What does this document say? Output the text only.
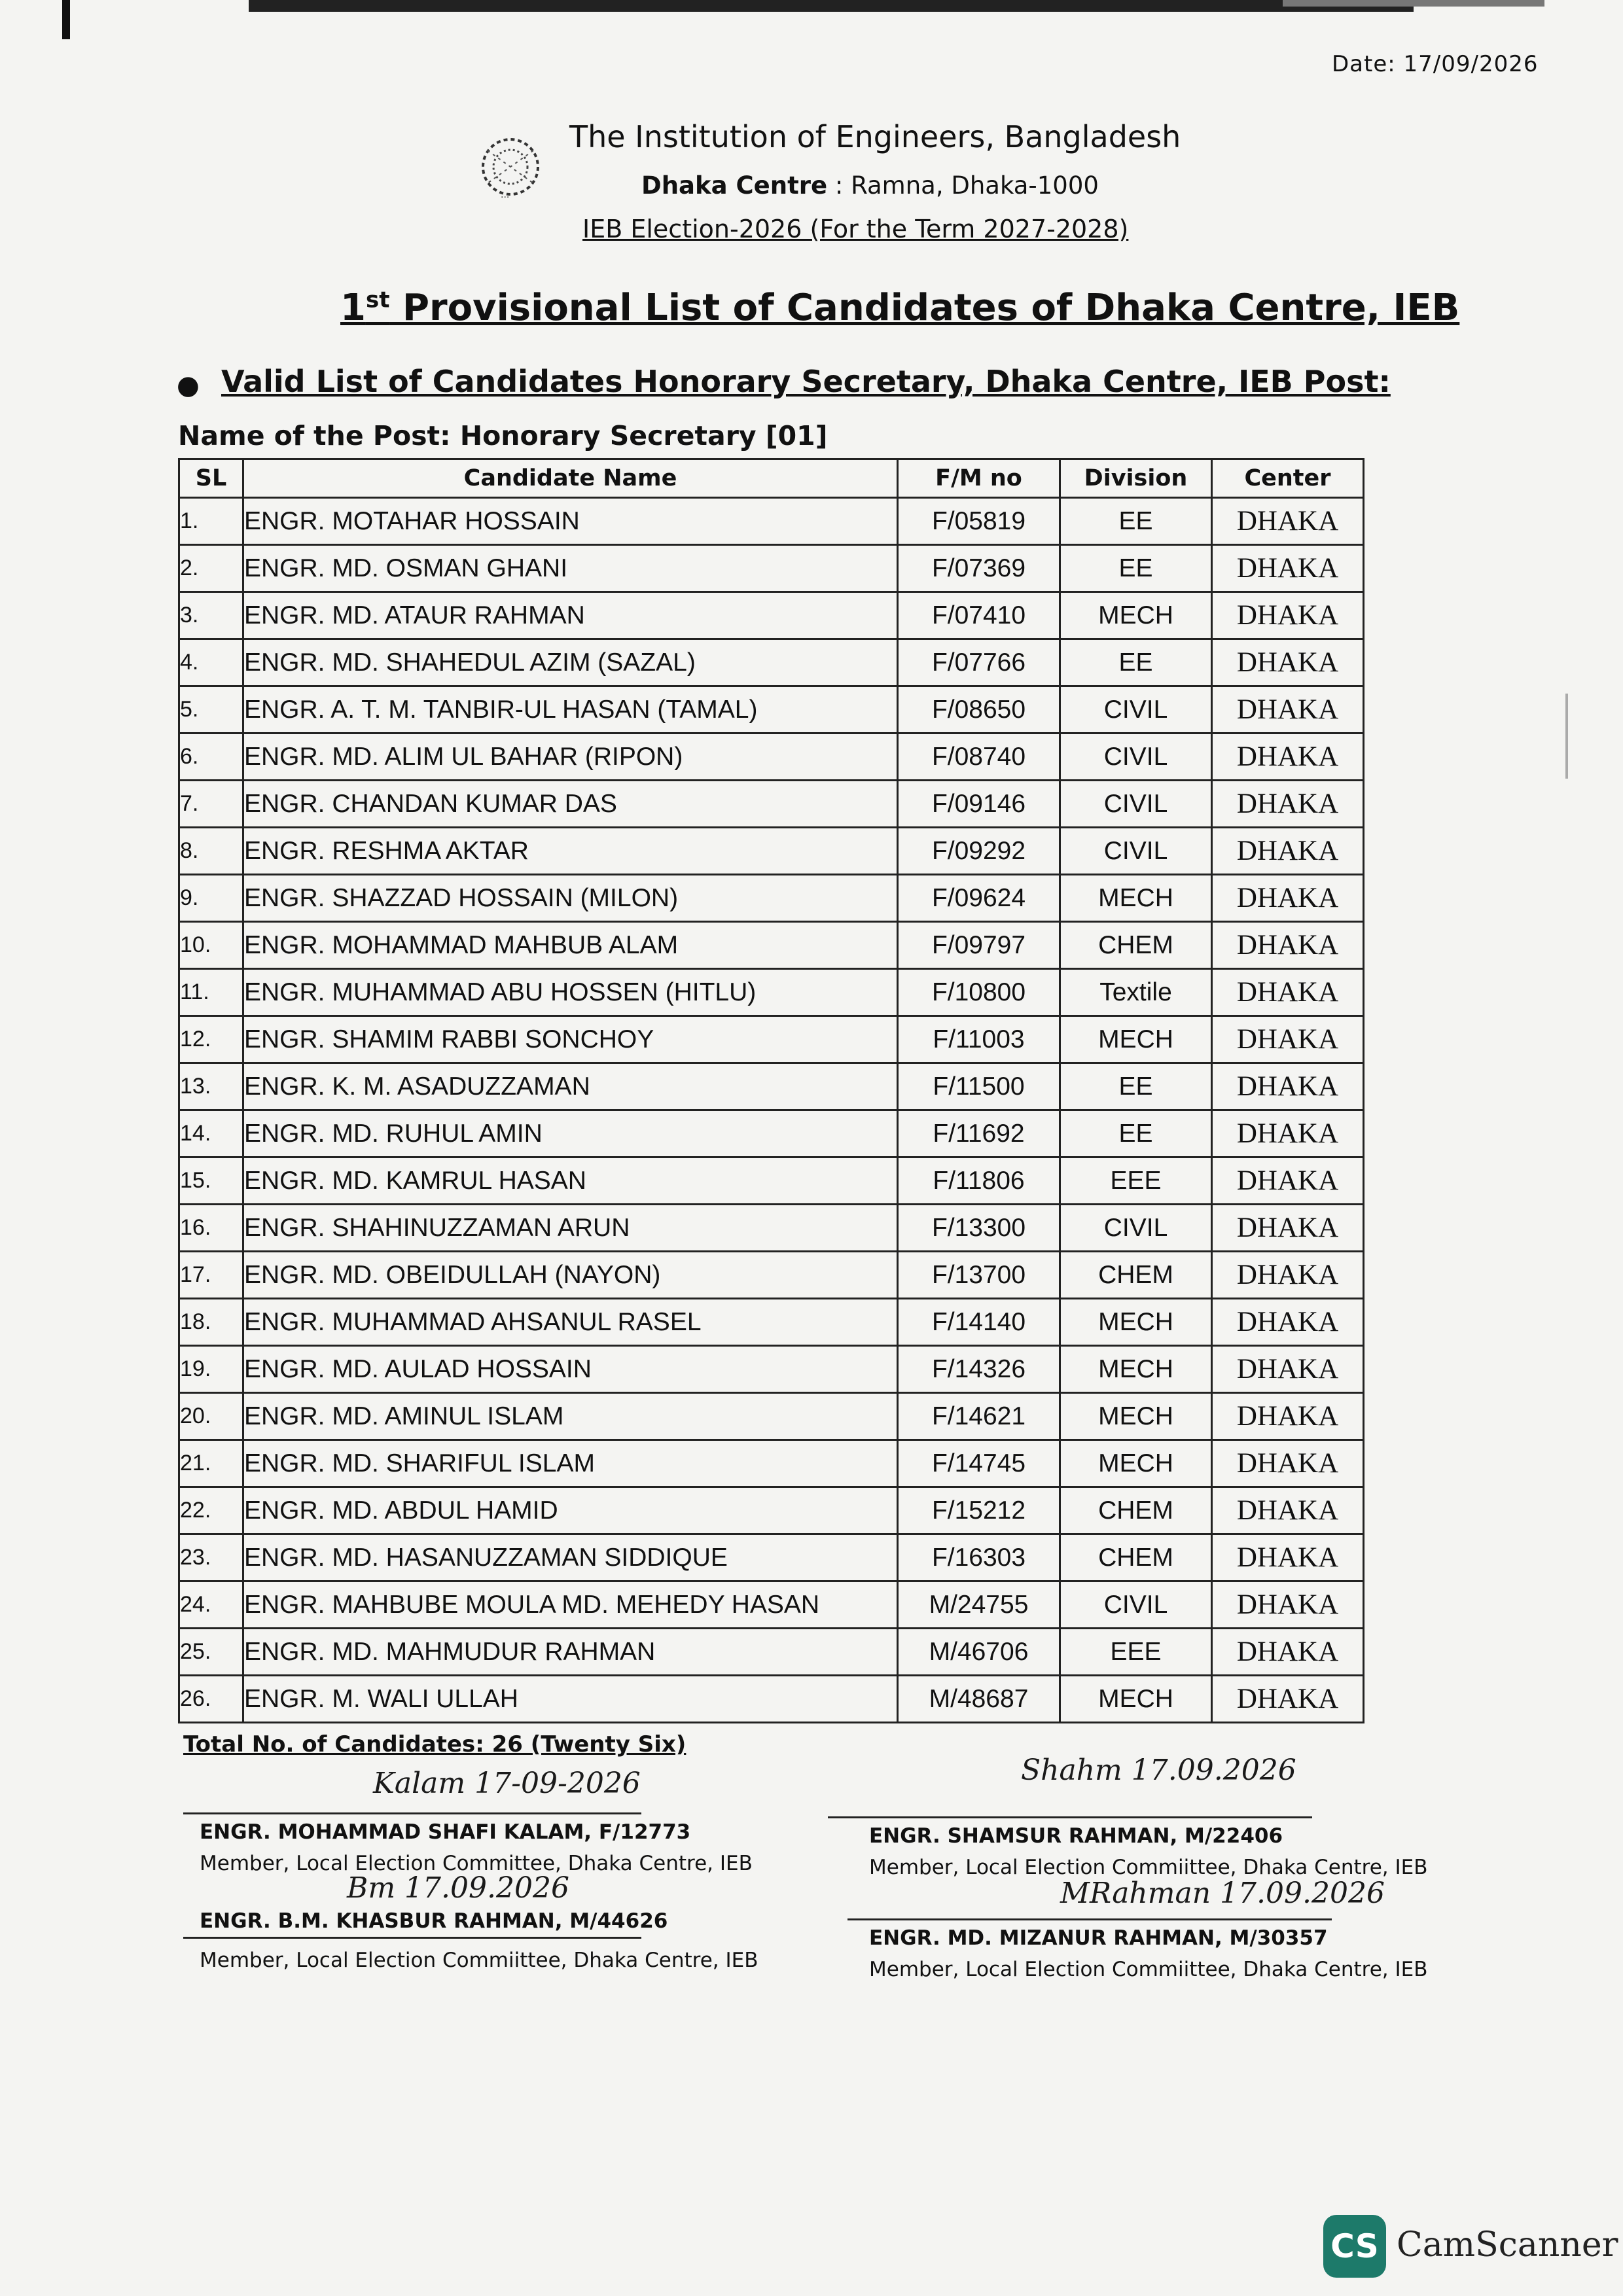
Date: 17/09/2026
···
The Institution of Engineers, Bangladesh
Dhaka Centre : Ramna, Dhaka-1000
IEB Election-2026 (For the Term 2027-2028)
1st Provisional List of Candidates of Dhaka Centre, IEB
● Valid List of Candidates Honorary Secretary, Dhaka Centre, IEB Post:
Name of the Post: Honorary Secretary [01]
SL	Candidate Name	F/M no	Division	Center
1.	ENGR. MOTAHAR HOSSAIN	F/05819	EE	DHAKA
2.	ENGR. MD. OSMAN GHANI	F/07369	EE	DHAKA
3.	ENGR. MD. ATAUR RAHMAN	F/07410	MECH	DHAKA
4.	ENGR. MD. SHAHEDUL AZIM (SAZAL)	F/07766	EE	DHAKA
5.	ENGR. A. T. M. TANBIR-UL HASAN (TAMAL)	F/08650	CIVIL	DHAKA
6.	ENGR. MD. ALIM UL BAHAR (RIPON)	F/08740	CIVIL	DHAKA
7.	ENGR. CHANDAN KUMAR DAS	F/09146	CIVIL	DHAKA
8.	ENGR. RESHMA AKTAR	F/09292	CIVIL	DHAKA
9.	ENGR. SHAZZAD HOSSAIN (MILON)	F/09624	MECH	DHAKA
10.	ENGR. MOHAMMAD MAHBUB ALAM	F/09797	CHEM	DHAKA
11.	ENGR. MUHAMMAD ABU HOSSEN (HITLU)	F/10800	Textile	DHAKA
12.	ENGR. SHAMIM RABBI SONCHOY	F/11003	MECH	DHAKA
13.	ENGR. K. M. ASADUZZAMAN	F/11500	EE	DHAKA
14.	ENGR. MD. RUHUL AMIN	F/11692	EE	DHAKA
15.	ENGR. MD. KAMRUL HASAN	F/11806	EEE	DHAKA
16.	ENGR. SHAHINUZZAMAN ARUN	F/13300	CIVIL	DHAKA
17.	ENGR. MD. OBEIDULLAH (NAYON)	F/13700	CHEM	DHAKA
18.	ENGR. MUHAMMAD AHSANUL RASEL	F/14140	MECH	DHAKA
19.	ENGR. MD. AULAD HOSSAIN	F/14326	MECH	DHAKA
20.	ENGR. MD. AMINUL ISLAM	F/14621	MECH	DHAKA
21.	ENGR. MD. SHARIFUL ISLAM	F/14745	MECH	DHAKA
22.	ENGR. MD. ABDUL HAMID	F/15212	CHEM	DHAKA
23.	ENGR. MD. HASANUZZAMAN SIDDIQUE	F/16303	CHEM	DHAKA
24.	ENGR. MAHBUBE MOULA MD. MEHEDY HASAN	M/24755	CIVIL	DHAKA
25.	ENGR. MD. MAHMUDUR RAHMAN	M/46706	EEE	DHAKA
26.	ENGR. M. WALI ULLAH	M/48687	MECH	DHAKA
Total No. of Candidates: 26 (Twenty Six)
Kalam 17-09-2026
ENGR. MOHAMMAD SHAFI KALAM, F/12773
Member, Local Election Committee, Dhaka Centre, IEB
Shahm 17.09.2026
ENGR. SHAMSUR RAHMAN, M/22406
Member, Local Election Commiittee, Dhaka Centre, IEB
Bm 17.09.2026
ENGR. B.M. KHASBUR RAHMAN, M/44626
Member, Local Election Commiittee, Dhaka Centre, IEB
MRahman 17.09.2026
ENGR. MD. MIZANUR RAHMAN, M/30357
Member, Local Election Commiittee, Dhaka Centre, IEB
CS CamScanner
